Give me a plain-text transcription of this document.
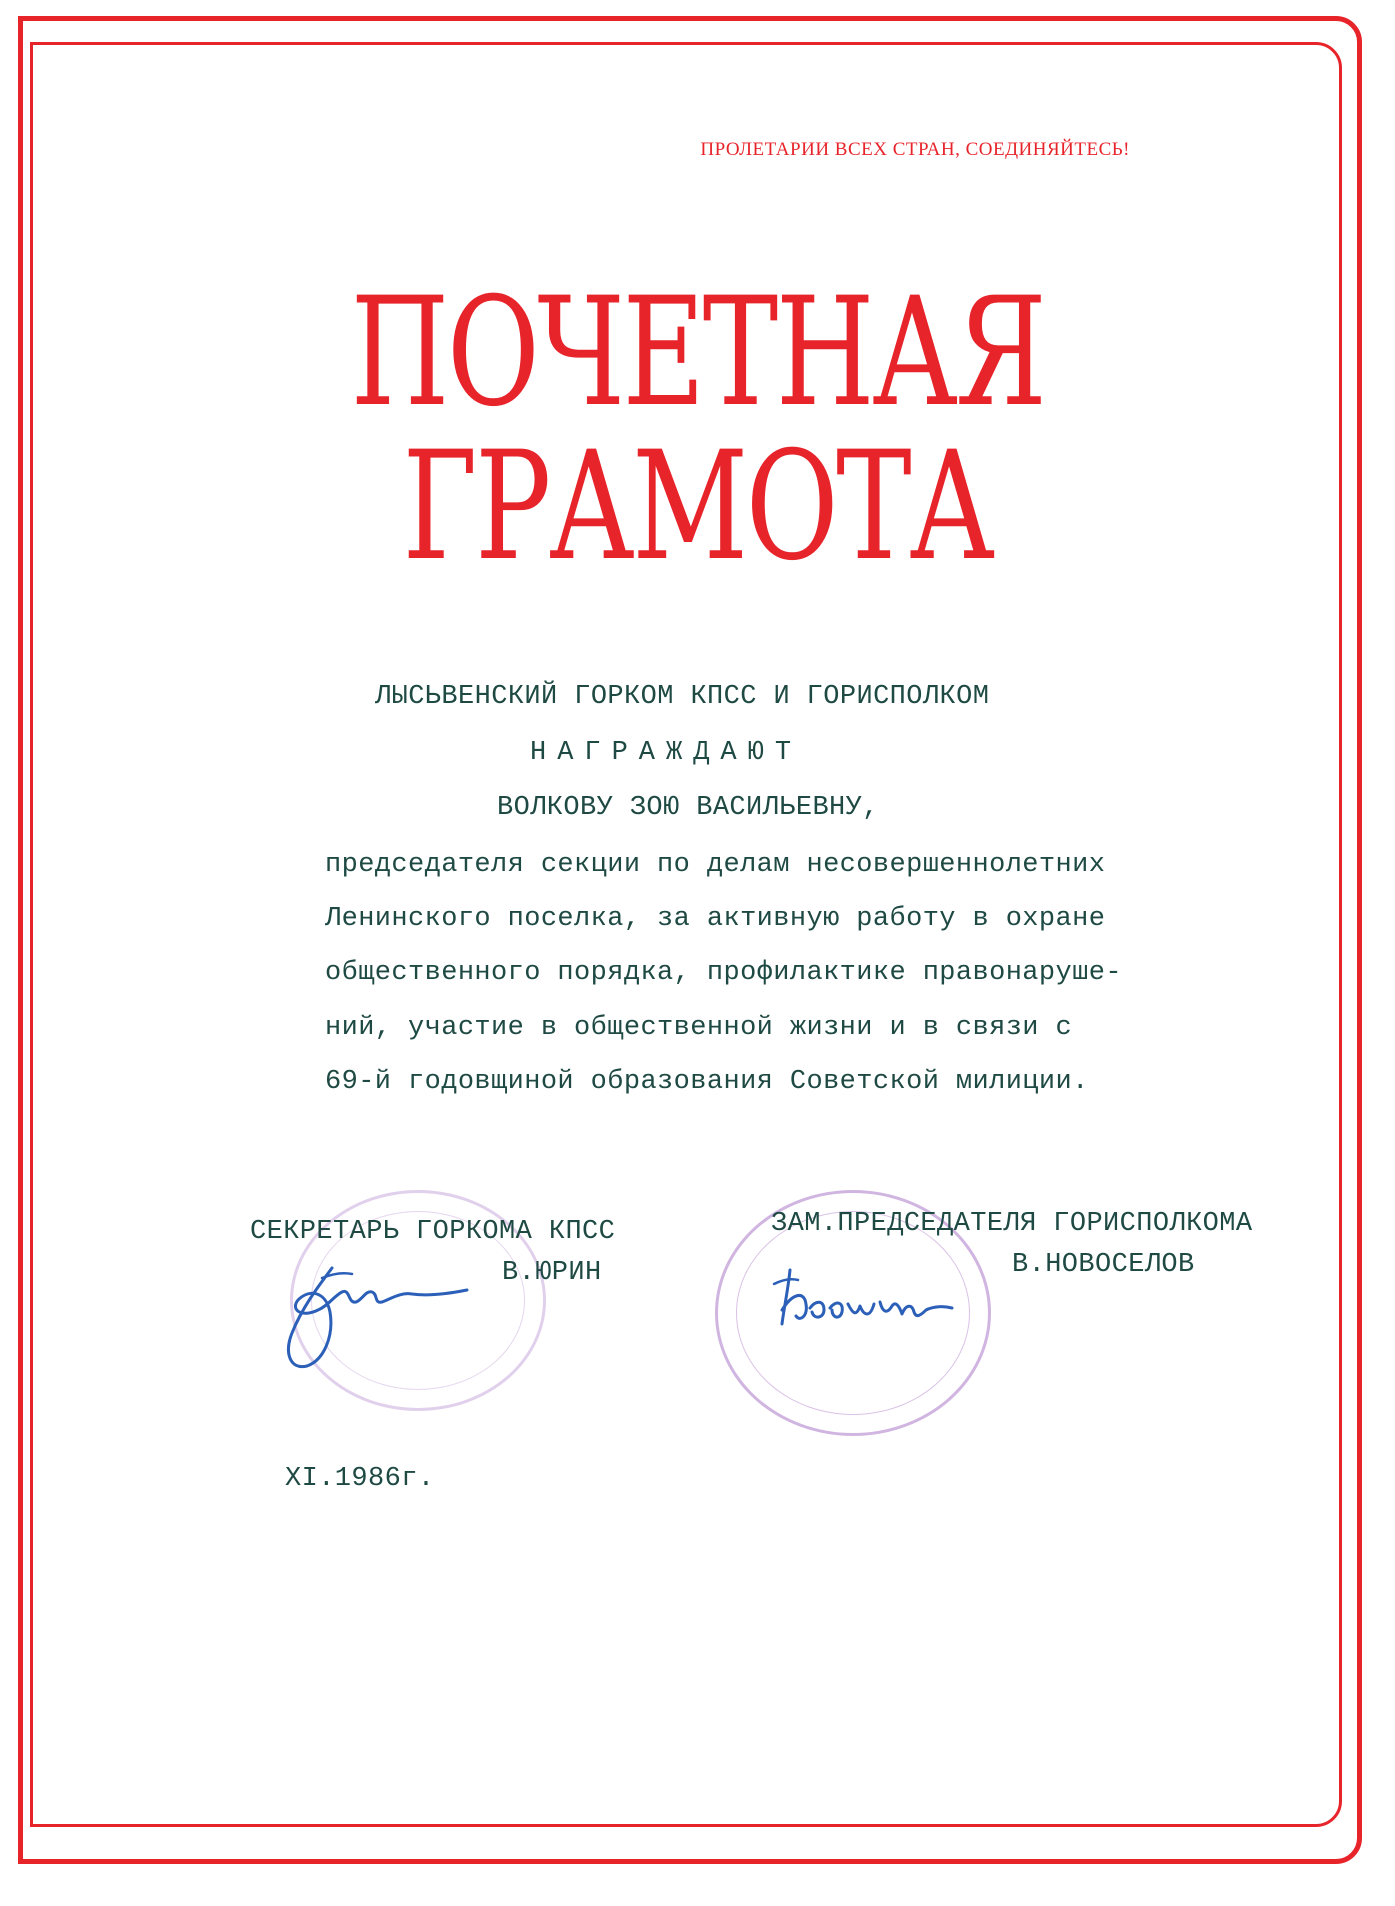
ПРОЛЕТАРИИ ВСЕХ СТРАН, СОЕДИНЯЙТЕСЬ!
ПОЧЕТНАЯ
ГРАМОТА
ЛЫСЬВЕНСКИЙ ГОРКОМ КПСС И ГОРИСПОЛКОМ
НАГРАЖДАЮТ
ВОЛКОВУ ЗОЮ ВАСИЛЬЕВНУ,
председателя секции по делам несовершеннолетних
Ленинского поселка, за активную работу в охране
общественного порядка, профилактике правонаруше-
ний, участие в общественной жизни и в связи с
69-й годовщиной образования Советской милиции.
СЕКРЕТАРЬ ГОРКОМА КПСС
В.ЮРИН
ЗАМ.ПРЕДСЕДАТЕЛЯ ГОРИСПОЛКОМА
В.НОВОСЕЛОВ
XI.1986г.
